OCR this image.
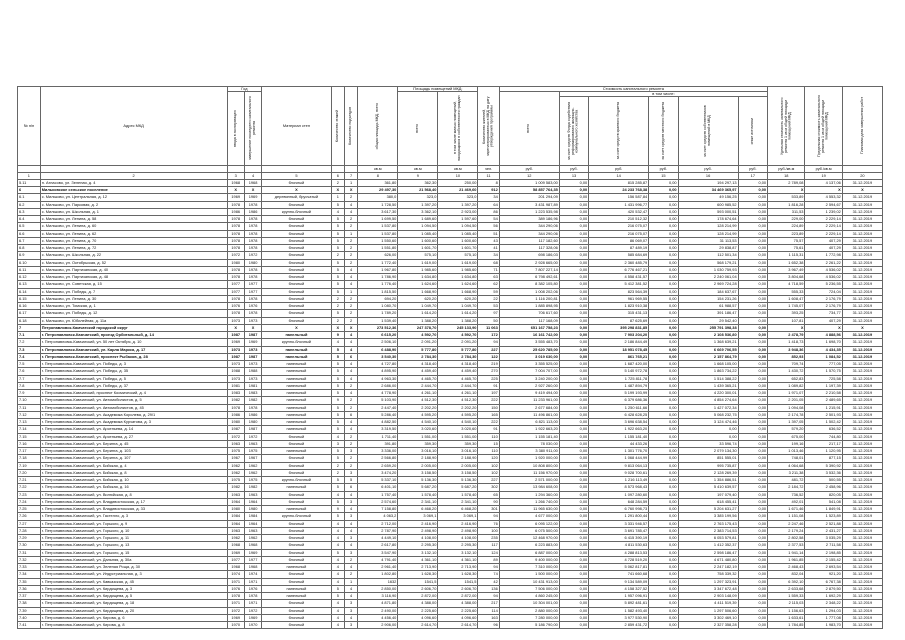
№ п/п	Адрес МКД	Год		Материал стен	Количество этажей	Количество подъездов	общая площадь МКД, всего	Площадь помещений МКД:		Количество жителей, зарегистрированных в МКД на дату утверждения программы	Стоимость капитального ремонта						Удельная стоимость капитального ремонта 1 кв.м общей площади помещений МКД	Предельная стоимость капитального ремонта 1 кв.м общей площади помещений МКД	Плановая дата завершения работ

		ввода в эксплуатацию	завершение последнего капитального ремонта					всего	в том числе жилых помещений, находящихся в собственности граждан		всего	в том числе:							

												за счет средств Фонда содействия реформированию жилищно-коммунального хозяйства	за счет средств краевого бюджета	за счет средств местного бюджета	за счет средств собственников помещений в МКД	иные источники			

							кв.м	кв.м	кв.м	чел.	руб.	руб.	руб.	руб.	руб.	руб.	руб./кв.м	руб./кв.м	
1	2	3	4	5	6	7	8	9	10	11	12	13	14	15	16	17	18	19	20
5.11	п. Атласово, ул. Зеленая, д. 4	1968	1968	блочный	2	1	361,80	362,30	250,00	8	1 009 583,00	0,00	815 285,87	0,00	194 297,13	0,00	2 789,08	4 137,06	31.12.2019
6	Мильковское сельское поселение	X	X	X	X	X	29 497,30	21 568,40	21 469,60	912	58 857 764,35	0,00	24 233 768,38	0,00	34 469 365,97	0,00	X	X	X
6.1	с. Мильково, ул. Центральная, д. 12	1969	1969	деревянный, брусчатый	1	2	380,0	323,0	323,0	34	201 294,09	0,00	156 587,84	0,00	49 156,25	0,00	533,89	4 553,32	31.12.2019
6.2	с. Мильково, ул. Парковая, д. 2	1978	1978	блочный	5	4	1 728,50	1 397,20	1 397,20	64	3 431 987,89	0,00	1 431 996,77	0,00	600 985,52	0,00	1 816,28	2 594,67	31.12.2019
6.3	с. Мильково, ул. Школьная, д. 1	1986	1986	крупно-блочный	4	4	3 617,30	3 362,10	2 923,00	86	1 223 535,98	0,00	420 532,47	0,00	593 000,51	0,00	311,53	1 239,02	31.12.2019
6.4	с. Мильково, ул. Ленина, д. 58	1978	1978	блочный	5	2	1 699,50	1 689,60	1 597,60	54	389 186,96	0,00	210 512,32	0,00	178 674,64	0,00	229,00	2 229,14	31.12.2019
6.5	с. Мильково, ул. Ленина, д. 60	1978	1978	блочный	5	2	1 537,80	1 094,50	1 094,50	56	344 290,06	0,00	216 075,07	0,00	128 214,99	0,00	224,89	2 229,14	31.12.2019
6.6	с. Мильково, ул. Ленина, д. 62	1978	1978	блочный	5	1	1 537,80	1 085,40	1 085,40	51	344 290,06	0,00	216 075,07	0,00	128 214,99	0,00	223,89	2 229,14	31.12.2019
6.7	с. Мильково, ул. Ленина, д. 70	1978	1978	блочный	5	2	1 550,60	1 600,60	1 600,60	43	117 182,60	0,00	86 069,07	0,00	31 113,53	0,00	75,57	407,29	31.12.2019
6.8	с. Мильково, ул. Ленина, д. 72	1978	1978	блочный	5	2	1 551,80	1 601,70	1 601,70	41	117 328,06	0,00	87 489,19	0,00	29 838,87	0,00	75,61	407,29	31.12.2019
6.9	с. Мильково, ул. Школьная, д. 22	1972	1972	блочный	2	2	626,00	575,10	575,10	34	698 186,03	0,00	585 684,69	0,00	112 501,34	0,00	1 115,31	1 772,98	31.12.2019
6.10	с. Мильково, ул. Октябрьская, д. 52	1980	1980	блочный	5	2	1 772,40	1 619,00	1 619,00	68	2 928 665,00	0,00	2 360 485,79	0,00	568 179,21	0,00	1 652,38	2 261,22	31.12.2019
6.11	с. Мильково, ул. Партизанская, д. 40	1978	1978	блочный	5	4	1 967,80	1 985,60	1 985,60	71	7 807 227,14	0,00	6 776 467,21	0,00	1 030 759,93	0,00	3 967,49	4 536,02	31.12.2019
6.12	с. Мильково, ул. Партизанская, д. 48	1978	1978	блочный	5	4	1 786,90	1 634,80	1 634,80	63	6 798 492,61	0,00	4 558 431,57	0,00	2 240 061,04	0,00	3 804,68	4 536,02	31.12.2019
6.13	с. Мильково, ул. Советская, д. 15	1977	1977	блочный	5	4	1 776,40	1 624,60	1 624,60	62	8 382 105,80	0,00	5 412 381,52	0,00	2 969 724,28	0,00	4 718,59	5 236,55	31.12.2019
6.14	с. Мильково, ул. Победы, д. 7	1977	1977	блочный	5	1	1 815,50	1 668,90	1 668,90	59	1 008 202,06	0,00	823 564,39	0,00	184 637,67	0,00	555,33	724,04	31.12.2019
6.15	с. Мильково, ул. Ленина, д. 30	1978	1978	блочный	2	2	694,20	620,20	620,20	22	1 116 200,81	0,00	961 969,55	0,00	154 231,26	0,00	1 608,47	2 176,79	31.12.2019
6.16	с. Мильково, ул. Томская, д. 1	1976	1976	блочный	2	2	1 080,70	1 049,70	1 049,70	53	1 885 898,95	0,00	1 823 910,38	0,00	61 988,57	0,00	1 745,07	2 176,79	31.12.2019
6.17	с. Мильково, ул. Победы, д. 12	1978	1978	блочный	5	2	1 789,20	1 614,20	1 614,20	97	706 617,60	0,00	315 431,13	0,00	391 186,47	0,00	393,25	734,77	31.12.2019
6.18	с. Мильково, ул. Юбилейная, д. 11а	1973	1973	блочный	2	2	1 539,40	1 388,20	1 388,20	50	117 168,09	0,00	87 625,69	0,00	29 542,40	0,00	107,81	407,29	31.12.2019
7	Петропавловск-Камчатский городской округ	X	X	X	X	X	273 512,36	247 378,70	245 133,90	11 063	651 167 758,23	0,00	395 298 831,85	0,00	255 791 398,38	0,00	X	X	X
7.1	г. Петропавловск-Камчатский, проезд Орбитальный, д. 14	1987	1987	панельный	9	4	6 615,20	4 592,70	4 592,70	172	16 161 742,00	0,00	7 903 204,20	0,00	2 108 536,80	0,00	2 478,79	4 888,56	31.12.2019
7.2	г. Петропавловск-Камчатский, ул. 50 лет Октября, д. 10	1969	1969	крупно-блочный	4	4	2 506,10	2 091,20	2 091,20	94	3 555 483,70	0,00	2 186 844,49	0,00	1 368 639,21	0,00	1 418,73	1 698,70	31.12.2019
7.3	г. Петропавловск-Камчатский, ул. Карла Маркса, д. 17	1973	1973	панельный	5	4	6 488,90	5 777,80	5 777,80	227	25 620 785,00	0,00	18 951 078,45	0,00	6 669 706,55	0,00	3 948,36	4 434,35	31.12.2019
7.4	г. Петропавловск-Камчатский, проспект Рыбаков, д. 28	1987	1987	панельный	5	6	3 540,30	2 784,30	2 784,30	122	3 019 630,00	0,00	861 765,21	0,00	2 157 864,79	0,00	852,93	1 084,52	31.12.2019
7.5	г. Петропавловск-Камчатский, ул. Победы, д. 3	1973	1973	панельный	5	4	4 727,80	4 318,40	4 318,40	219	3 355 525,00	0,00	1 687 420,00	0,00	1 668 105,00	0,00	709,74	777,05	31.12.2019
7.6	г. Петропавловск-Камчатский, ул. Победы, д. 35	1988	1988	панельный	5	4	4 895,90	4 459,40	4 459,40	270	7 004 707,00	0,00	5 140 972,78	0,00	1 863 734,22	0,00	1 430,72	1 570,75	31.12.2019
7.7	г. Петропавловск-Камчатский, ул. Победы, д. 5	1973	1973	панельный	5	4	4 963,30	4 465,70	4 465,70	225	3 240 200,00	0,00	1 725 811,78	0,00	1 514 388,22	0,00	652,83	725,58	31.12.2019
7.8	г. Петропавловск-Камчатский, ул. Победы, д. 37	1981	1981	панельный	5	2	2 686,00	2 444,70	2 444,70	91	2 927 260,00	0,00	1 487 894,79	0,00	1 439 365,21	0,00	1 089,82	1 197,39	31.12.2019
7.9	г. Петропавловск-Камчатский, проспект Космический, д. 4	1983	1983	панельный	5	4	4 778,90	4 261,10	4 261,10	197	9 419 494,00	0,00	5 199 193,99	0,00	4 220 300,01	0,00	1 971,07	2 210,58	31.12.2019
7.10	г. Петропавловск-Камчатский, ул. Автомобилистов, д. 5	1982	1982	панельный	9	2	5 103,90	4 512,30	4 512,30	222	11 233 961,00	0,00	6 379 686,36	0,00	4 854 274,64	0,00	2 201,05	2 489,65	31.12.2019
7.11	г. Петропавловск-Камчатский, ул. Автомобилистов, д. 45	1978	1978	панельный	5	2	2 447,40	2 202,20	2 202,20	150	2 677 684,00	0,00	1 250 611,66	0,00	1 427 072,34	0,00	1 094,08	1 215,91	31.12.2019
7.12	г. Петропавловск-Камчатский, ул. Академика Королева, д. 29/1	1986	1986	панельный	5	6	5 286,40	4 595,20	4 595,20	165	11 496 861,00	0,00	6 428 628,25	0,00	5 068 232,75	0,00	2 174,78	2 501,93	31.12.2019
7.13	г. Петропавловск-Камчатский, ул. Академика Курчатова, д. 3	1980	1980	панельный	5	4	4 882,50	4 540,10	4 540,10	222	6 821 113,00	0,00	3 696 638,54	0,00	3 124 474,46	0,00	1 397,05	1 502,42	31.12.2019
7.14	г. Петропавловск-Камчатский, ул. Арсеньева, д. 14	1987	1987	панельный	5	4	3 319,50	3 020,60	3 020,60	91	1 922 663,20	0,00	1 922 663,20	0,00	0,00	0,00	579,20	636,52	31.12.2019
7.15	г. Петропавловск-Камчатский, ул. Арсеньева, д. 27	1972	1972	блочный	4	2	1 711,40	1 551,00	1 551,00	110	1 155 181,40	0,00	1 155 181,40	0,00	0,00	0,00	675,00	744,80	31.12.2019
7.16	г. Петропавловск-Камчатский, ул. Беринга, д. 45	1963	1963	блочный	3	2	391,80	359,30	359,30	15	78 030,00	0,00	44 433,26	0,00	33 596,74	0,00	199,16	217,17	31.12.2019
7.17	г. Петропавловск-Камчатский, ул. Беринга, д. 103	1975	1975	панельный	5	3	3 336,00	3 016,10	3 016,10	110	3 380 911,00	0,00	1 301 776,70	0,00	2 079 134,30	0,00	1 013,46	1 120,95	31.12.2019
7.18	г. Петропавловск-Камчатский, ул. Беринга, д. 107	1967	1967	блочный	5	2	2 566,80	2 188,90	2 188,90	120	1 920 000,00	0,00	1 068 444,99	0,00	851 555,01	0,00	748,01	877,15	31.12.2019
7.19	г. Петропавловск-Камчатский, ул. Бийская, д. 4	1962	1962	блочный	2	2	2 659,20	2 005,00	2 005,00	102	10 808 800,00	0,00	9 813 064,13	0,00	995 735,87	0,00	4 064,68	5 390,92	31.12.2019
7.20	г. Петропавловск-Камчатский, ул. Бийская, д. 8	1962	1962	блочный	2	3	3 474,20	3 158,50	3 158,50	102	11 156 970,00	0,00	9 028 700,61	0,00	2 128 269,39	0,00	3 211,38	3 532,36	31.12.2019
7.21	г. Петропавловск-Камчатский, ул. Бийская, д. 10	1975	1975	крупно-блочный	5	5	5 337,10	5 136,30	5 136,30	227	2 571 000,00	0,00	1 216 113,49	0,00	1 354 886,51	0,00	481,72	500,55	31.12.2019
7.22	г. Петропавловск-Камчатский, ул. Бийская, д. 16	1982	1982	панельный	5	6	6 401,10	5 687,20	5 687,20	302	13 984 608,00	0,00	8 573 968,43	0,00	5 410 639,57	0,00	2 184,72	2 458,96	31.12.2019
7.23	г. Петропавловск-Камчатский, ул. Вилюйская, д. 8	1963	1963	блочный	4	4	1 757,40	1 578,40	1 578,40	65	1 294 360,00	0,00	1 097 280,60	0,00	197 079,40	0,00	736,52	820,05	31.12.2019
7.24	г. Петропавловск-Камчатский, ул. Владивостокская, д. 17	1964	1964	блочный	5	3	2 574,60	2 341,10	2 341,10	90	1 266 740,00	0,00	648 284,59	0,00	618 455,41	0,00	492,01	541,08	31.12.2019
7.25	г. Петропавловск-Камчатский, ул. Владивостокская, д. 33	1980	1980	панельный	9	4	7 158,80	6 468,20	6 468,20	301	11 965 630,00	0,00	6 760 998,73	0,00	5 204 631,27	0,00	1 671,46	1 849,91	31.12.2019
7.26	г. Петропавловск-Камчатский, ул. Гастелло, д. 3	1984	1984	крупно-блочный	5	3	4 063,2	3 069,1	3 069,1	94	4 677 000,00	0,00	1 291 800,44	0,00	3 385 199,56	0,00	1 151,08	1 523,89	31.12.2019
7.27	г. Петропавловск-Камчатский, ул. Горького, д. 9	1964	1964	блочный	4	4	2 712,00	2 416,90	2 416,90	76	6 095 122,00	0,00	3 331 946,57	0,00	2 763 175,43	0,00	2 247,46	2 521,88	31.12.2019
7.28	г. Петропавловск-Камчатский, ул. Горького, д. 10	1963	1963	блочный	4	4	2 787,90	2 498,90	2 498,90	100	6 075 500,00	0,00	3 691 785,47	0,00	2 383 714,53	0,00	2 179,24	2 431,27	31.12.2019
7.29	г. Петропавловск-Камчатский, ул. Горького, д. 11	1962	1962	блочный	4	3	4 449,10	4 108,00	4 108,00	235	12 468 970,00	0,00	6 415 390,19	0,00	6 053 579,81	0,00	2 802,58	3 035,29	31.12.2019
7.30	г. Петропавловск-Камчатский, ул. Горького, д. 13	1968	1968	блочный	4	4	2 617,80	2 295,30	2 295,30	117	6 223 883,00	0,00	4 811 530,63	0,00	1 412 352,37	0,00	2 377,53	2 711,58	31.12.2019
7.31	г. Петропавловск-Камчатский, ул. Горького, д. 15	1969	1969	блочный	5	3	3 547,90	3 132,10	3 132,10	124	6 887 000,00	0,00	4 288 813,53	0,00	2 598 186,47	0,00	1 941,14	2 198,85	31.12.2019
7.32	г. Петропавловск-Камчатский, ул. Дальняя, д. 30а	1977	1977	блочный	4	2	4 791,40	4 361,10	4 361,10	89	9 400 000,00	0,00	4 728 519,20	0,00	4 671 480,80	0,00	1 961,85	2 155,42	31.12.2019
7.33	г. Петропавловск-Камчатский, ул. Зеленая Роща, д. 30	1968	1968	панельный	4	4	2 961,40	2 713,90	2 713,90	94	7 310 000,00	0,00	5 062 817,81	0,00	2 247 182,19	0,00	2 468,43	2 693,54	31.12.2019
7.34	г. Петропавловск-Камчатский, ул. Индустриальная, д. 3	1974	1974	блочный	4	2	1 802,80	1 628,30	1 628,30	74	1 500 000,00	0,00	741 660,68	0,00	758 339,32	0,00	832,04	921,20	31.12.2019
7.35	г. Петропавловск-Камчатский, ул. Кавказская, д. 45	1971	1971	блочный	4	1	1632	1541,5	1541,5	42	10 431 913,00	0,00	9 134 589,09	0,00	1 297 323,91	0,00	6 392,10	6 767,38	31.12.2019
7.36	г. Петропавловск-Камчатский, ул. Кирдищева, д. 3	1976	1976	панельный	5	4	2 850,00	2 606,70	2 606,70	136	7 506 000,00	0,00	4 158 327,52	0,00	3 347 672,48	0,00	2 633,68	2 879,50	31.12.2019
7.37	г. Петропавловск-Камчатский, ул. Кирдищева, д. 5	1978	1978	панельный	5	4	3 116,90	2 872,00	2 872,00	94	4 860 245,00	0,00	1 957 096,91	0,00	2 903 148,09	0,00	1 559,33	1 692,29	31.12.2019
7.38	г. Петропавловск-Камчатский, ул. Кирдищева, д. 18	1971	1971	блочный	4	3	4 871,80	4 388,00	4 388,00	217	10 304 001,00	0,00	5 892 481,61	0,00	4 411 519,39	0,00	2 115,03	2 348,22	31.12.2019
7.39	г. Петропавловск-Камчатский, ул. Кирдищева, д. 20	1972	1972	блочный	4	3	2 490,00	2 225,60	2 225,60	114	2 880 000,00	0,00	1 582 493,40	0,00	1 297 506,60	0,00	1 156,63	1 294,03	31.12.2019
7.40	г. Петропавловск-Камчатский, ул. Кирова, д. 6	1969	1969	блочный	4	4	4 456,40	4 096,60	4 096,60	163	7 280 000,00	0,00	3 977 530,90	0,00	3 302 469,10	0,00	1 633,61	1 777,08	31.12.2019
7.41	г. Петропавловск-Камчатский, ул. Кирова, д. 8	1970	1970	блочный	4	3	2 906,00	2 614,70	2 614,70	96	5 186 790,00	0,00	2 859 431,72	0,00	2 327 358,28	0,00	1 784,85	1 983,70	31.12.2019
